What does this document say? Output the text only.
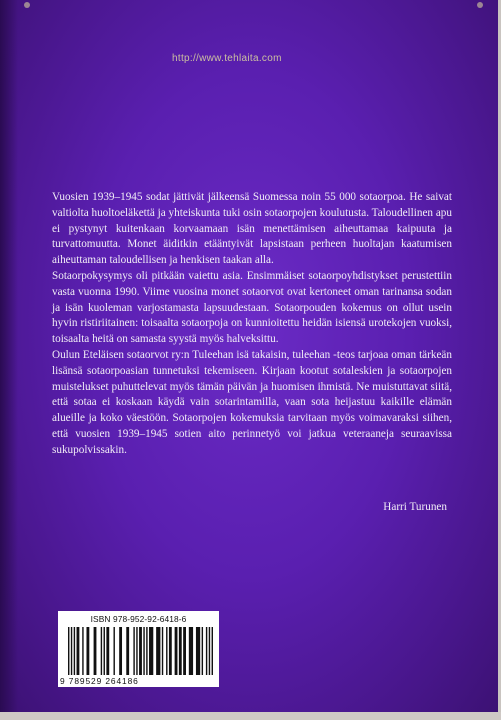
http://www.tehlaita.com

Vuosien 1939–1945 sodat jättivät jälkeensä Suomessa noin 55 000 sotaorpoa. He saivat valtiolta huoltoeläkettä ja yhteiskunta tuki osin sotaorpojen koulutusta. Taloudellinen apu ei pystynyt kuitenkaan korvaamaan isän menettämisen aiheuttamaa kaipuuta ja turvattomuutta. Monet äiditkin etääntyivät lapsistaan perheen huoltajan kaatumisen aiheuttaman taloudellisen ja henkisen taakan alla.

Sotaorpokysymys oli pitkään vaiettu asia. Ensimmäiset sotaorpoyhdistykset perustettiin vasta vuonna 1990. Viime vuosina monet sotaorvot ovat kertoneet oman tarinansa sodan ja isän kuoleman varjostamasta lapsuudestaan. Sotaorpouden kokemus on ollut usein hyvin ristiriitainen: toisaalta sotaorpoja on kunnioitettu heidän isiensä urotekojen vuoksi, toisaalta heitä on samasta syystä myös halveksittu.

Oulun Eteläisen sotaorvot ry:n Tuleehan isä takaisin, tuleehan -teos tarjoaa oman tärkeän lisänsä sotaorpoasian tunnetuksi tekemiseen. Kirjaan kootut sotaleskien ja sotaorpojen muistelukset puhuttelevat myös tämän päivän ja huomisen ihmistä. Ne muistuttavat siitä, että sotaa ei koskaan käydä vain sotarintamilla, vaan sota heijastuu kaikille elämän alueille ja koko väestöön. Sotaorpojen kokemuksia tarvitaan myös voimavaraksi siihen, että vuosien 1939–1945 sotien aito perinnetyö voi jatkua veteraaneja seuraavissa sukupolvissakin.

Harri Turunen
ISBN 978-952-92-6418-6
9 789529 264186
